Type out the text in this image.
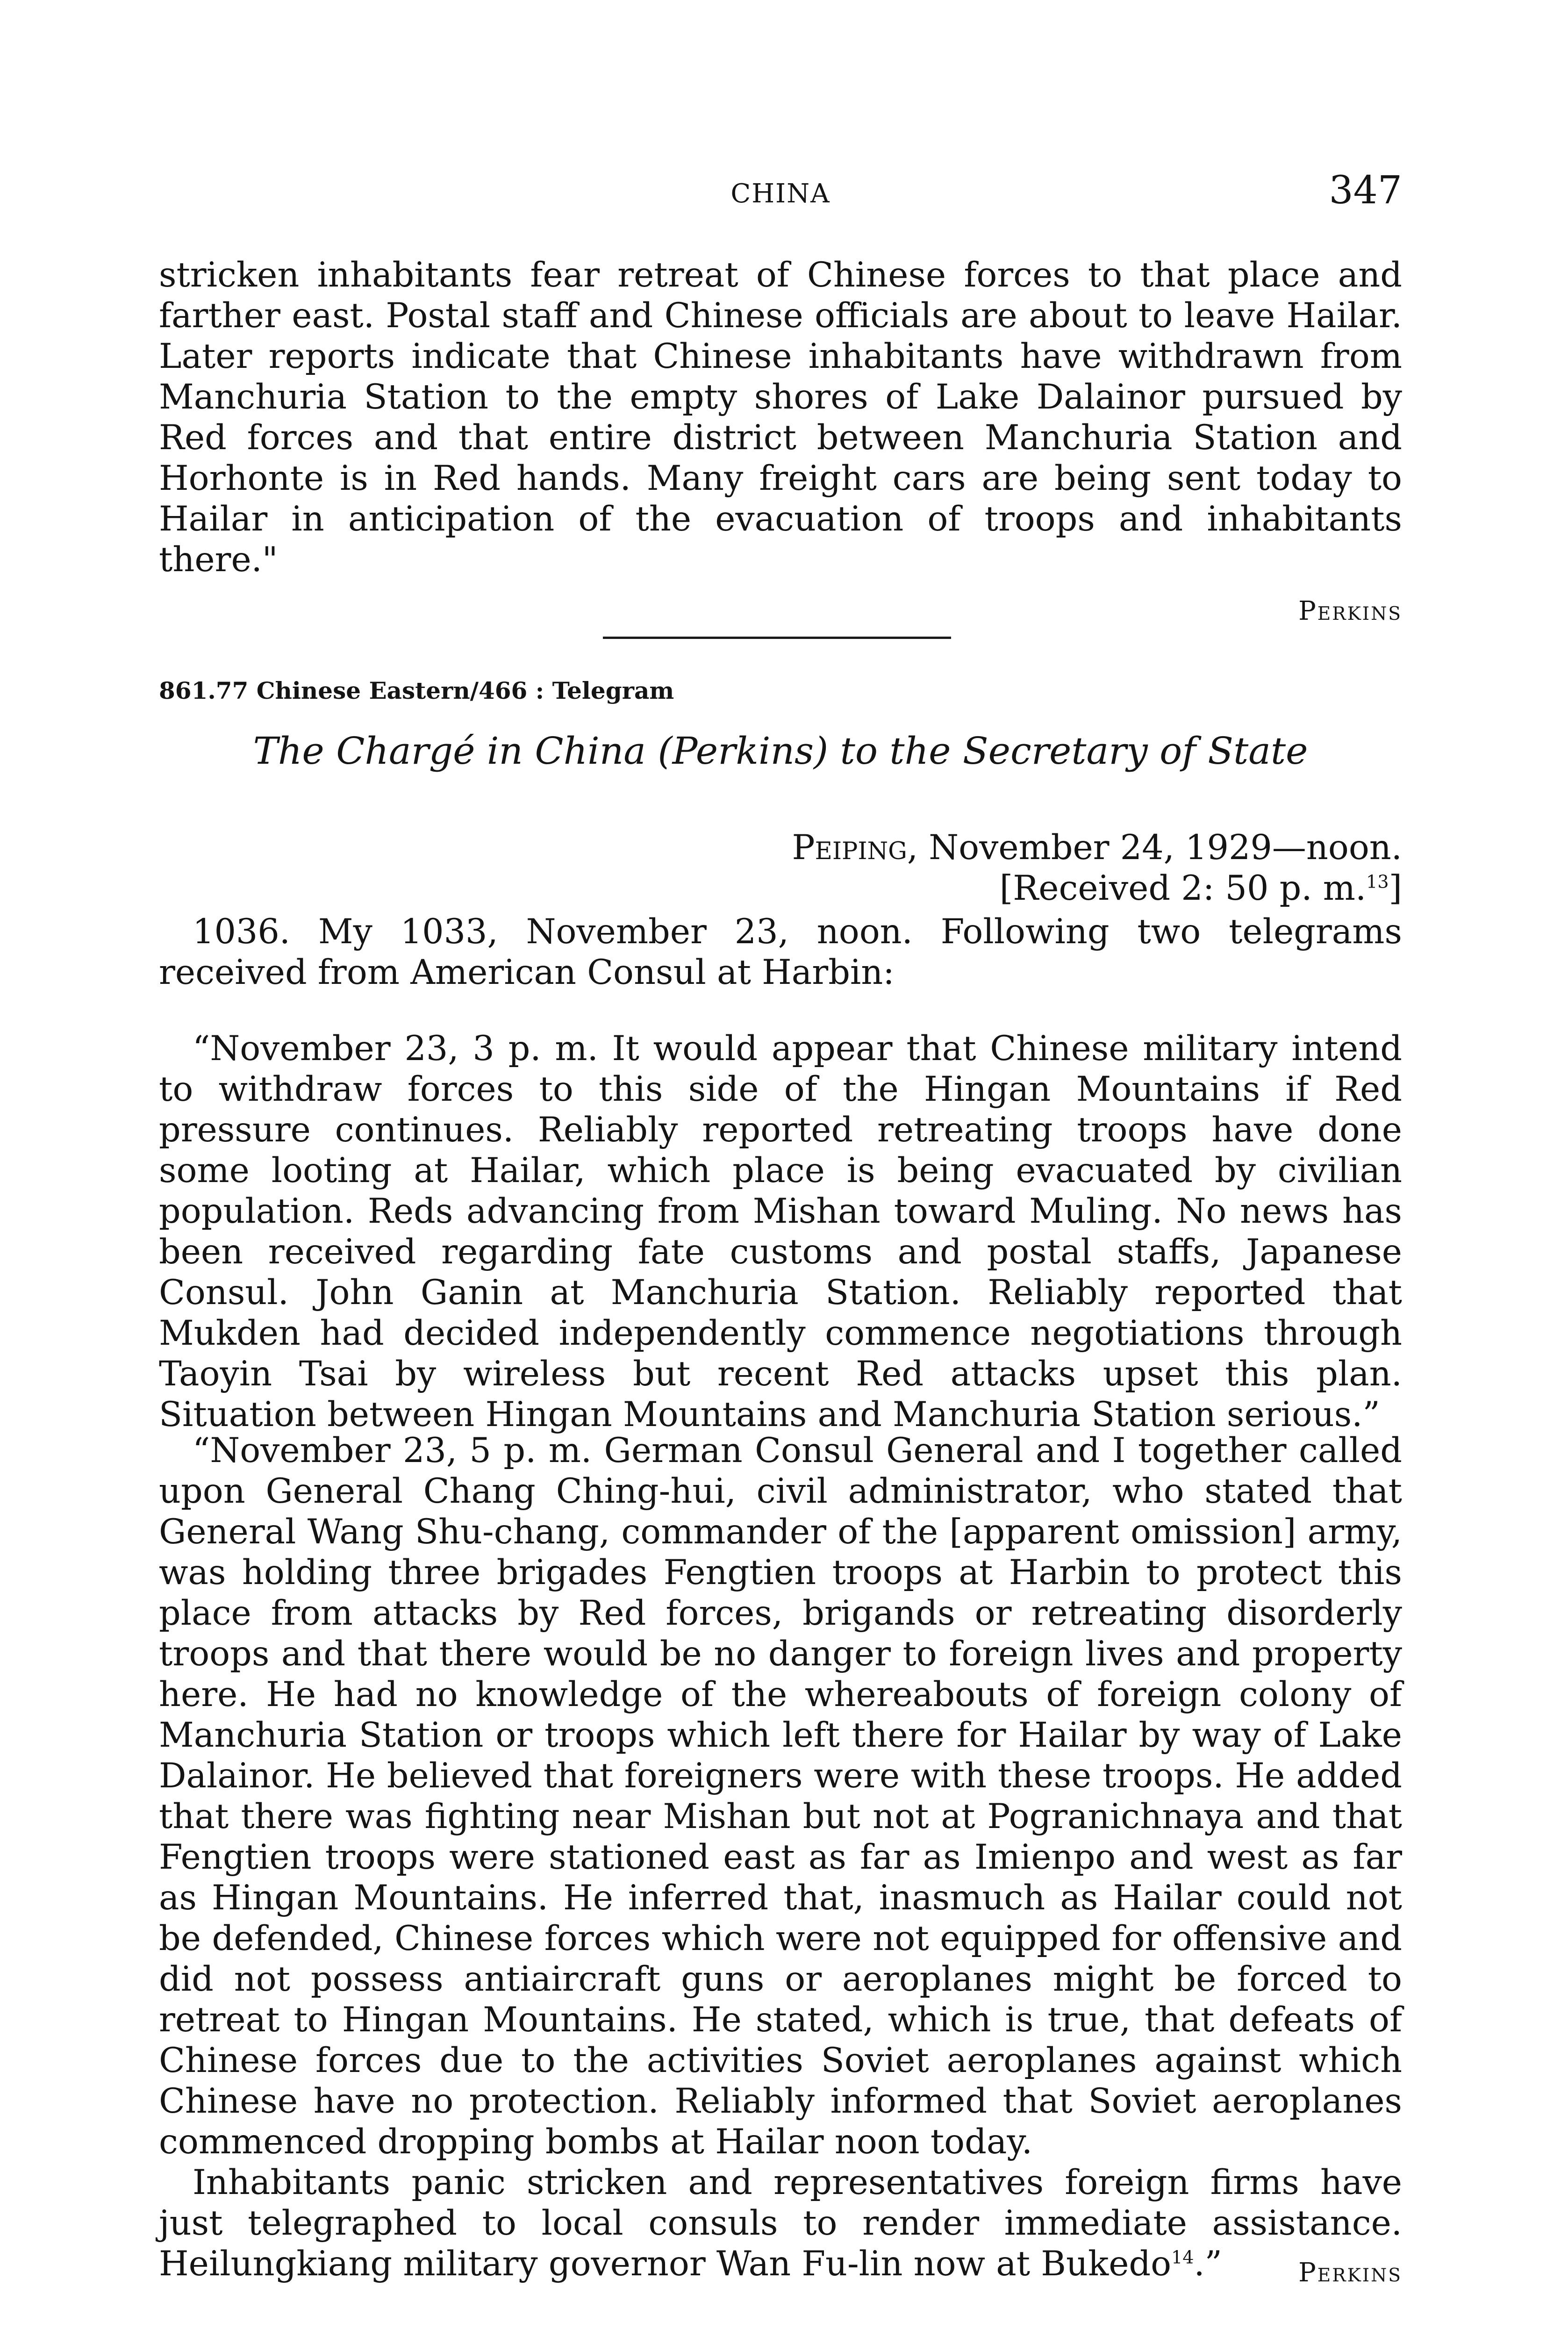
CHINA	347

stricken inhabitants fear retreat of Chinese forces to that place and farther east. Postal staff and Chinese officials are about to leave Hailar. Later reports indicate that Chinese inhabitants have withdrawn from Manchuria Station to the empty shores of Lake Dalainor pursued by Red forces and that entire district between Manchuria Station and Horhonte is in Red hands. Many freight cars are being sent today to Hailar in anticipation of the evacuation of troops and inhabitants there."

Perkins
861.77 Chinese Eastern/466 : Telegram
The Chargé in China (Perkins) to the Secretary of State
Peiping, November 24, 1929—noon.
[Received 2: 50 p. m.$^{13}$]

1036. My 1033, November 23, noon. Following two telegrams received from American Consul at Harbin:

“November 23, 3 p. m. It would appear that Chinese military intend to withdraw forces to this side of the Hingan Mountains if Red pressure continues. Reliably reported retreating troops have done some looting at Hailar, which place is being evacuated by civilian population. Reds advancing from Mishan toward Muling. No news has been received regarding fate customs and postal staffs, Japanese Consul. John Ganin at Manchuria Station. Reliably reported that Mukden had decided independently commence negotiations through Taoyin Tsai by wireless but recent Red attacks upset this plan. Situation between Hingan Mountains and Manchuria Station serious.”

“November 23, 5 p. m. German Consul General and I together called upon General Chang Ching-hui, civil administrator, who stated that General Wang Shu-chang, commander of the [apparent omission] army, was holding three brigades Fengtien troops at Harbin to protect this place from attacks by Red forces, brigands or retreating disorderly troops and that there would be no danger to foreign lives and property here. He had no knowledge of the whereabouts of foreign colony of Manchuria Station or troops which left there for Hailar by way of Lake Dalainor. He believed that foreigners were with these troops. He added that there was fighting near Mishan but not at Pogranichnaya and that Fengtien troops were stationed east as far as Imienpo and west as far as Hingan Mountains. He inferred that, inasmuch as Hailar could not be defended, Chinese forces which were not equipped for offensive and did not possess antiaircraft guns or aeroplanes might be forced to retreat to Hingan Mountains. He stated, which is true, that defeats of Chinese forces due to the activities Soviet aeroplanes against which Chinese have no protection. Reliably informed that Soviet aeroplanes commenced dropping bombs at Hailar noon today.

Inhabitants panic stricken and representatives foreign firms have just telegraphed to local consuls to render immediate assistance. Heilungkiang military governor Wan Fu-lin now at Bukedo$^{14}$.”	Perkins
